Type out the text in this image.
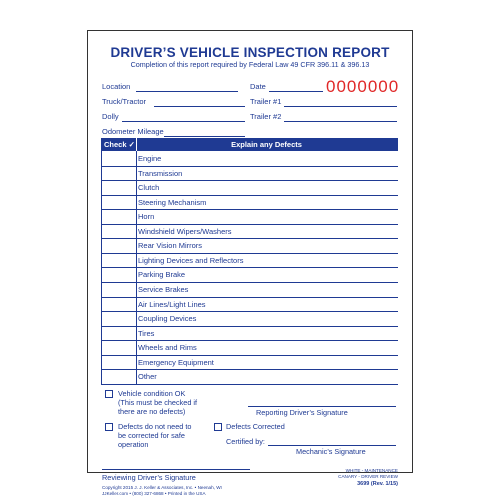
DRIVER’S VEHICLE INSPECTION REPORT
Completion of this report required by Federal Law 49 CFR 396.11 & 396.13
Location	Date	0000000
Truck/Tractor	Trailer #1
Dolly	Trailer #2
Odometer Mileage
Check ✓	Explain any Defects
Engine
Transmission
Clutch
Steering Mechanism
Horn
Windshield Wipers/Washers
Rear Vision Mirrors
Lighting Devices and Reflectors
Parking Brake
Service Brakes
Air Lines/Light Lines
Coupling Devices
Tires
Wheels and Rims
Emergency Equipment
Other
Vehicle condition OK
(This must be checked if
there are no defects)	Reporting Driver’s Signature
Defects do not need to
be corrected for safe
operation
Defects Corrected
Certified by:
Mechanic’s Signature
Reviewing Driver’s Signature
Copyright 2015 J. J. Keller & Associates, Inc. • Neenah, WI
JJKeller.com • (800) 327-6868 • Printed in the USA
WHITE - MAINTENANCE
CANARY - DRIVER REVIEW
3699 (Rev. 1/15)
